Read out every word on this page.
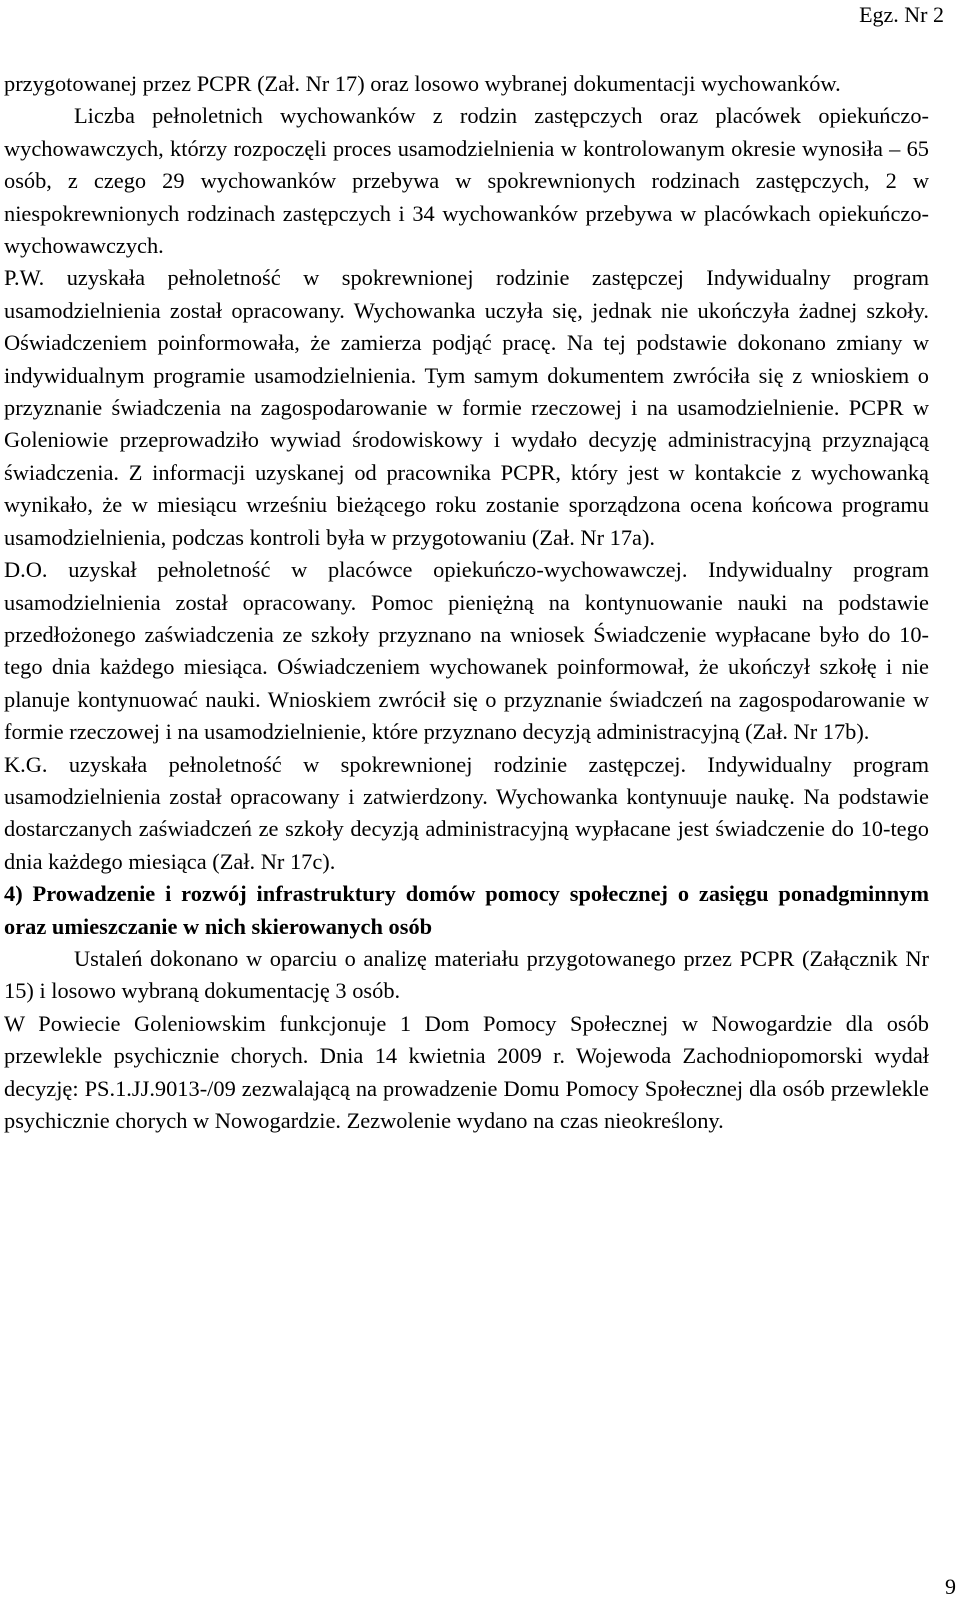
Egz. Nr 2

przygotowanej przez PCPR (Zał. Nr 17) oraz losowo wybranej dokumentacji wychowanków.

Liczba pełnoletnich wychowanków z rodzin zastępczych oraz placówek opiekuńczo-wychowawczych, którzy rozpoczęli proces usamodzielnienia w kontrolowanym okresie wynosiła – 65 osób, z czego 29 wychowanków przebywa w spokrewnionych rodzinach zastępczych, 2 w niespokrewnionych rodzinach zastępczych i 34 wychowanków przebywa w placówkach opiekuńczo-wychowawczych.

P.W. uzyskała pełnoletność w spokrewnionej rodzinie zastępczej Indywidualny program usamodzielnienia został opracowany. Wychowanka uczyła się, jednak nie ukończyła żadnej szkoły. Oświadczeniem poinformowała, że zamierza podjąć pracę. Na tej podstawie dokonano zmiany w indywidualnym programie usamodzielnienia. Tym samym dokumentem zwróciła się z wnioskiem o przyznanie świadczenia na zagospodarowanie w formie rzeczowej i na usamodzielnienie. PCPR w Goleniowie przeprowadziło wywiad środowiskowy i wydało decyzję administracyjną przyznającą świadczenia. Z informacji uzyskanej od pracownika PCPR, który jest w kontakcie z wychowanką wynikało, że w miesiącu wrześniu bieżącego roku zostanie sporządzona ocena końcowa programu usamodzielnienia, podczas kontroli była w przygotowaniu (Zał. Nr 17a).

D.O. uzyskał pełnoletność w placówce opiekuńczo-wychowawczej. Indywidualny program usamodzielnienia został opracowany. Pomoc pieniężną na kontynuowanie nauki na podstawie przedłożonego zaświadczenia ze szkoły przyznano na wniosek Świadczenie wypłacane było do 10-tego dnia każdego miesiąca. Oświadczeniem wychowanek poinformował, że ukończył szkołę i nie planuje kontynuować nauki. Wnioskiem zwrócił się o przyznanie świadczeń na zagospodarowanie w formie rzeczowej i na usamodzielnienie, które przyznano decyzją administracyjną (Zał. Nr 17b).

K.G. uzyskała pełnoletność w spokrewnionej rodzinie zastępczej. Indywidualny program usamodzielnienia został opracowany i zatwierdzony. Wychowanka kontynuuje naukę. Na podstawie dostarczanych zaświadczeń ze szkoły decyzją administracyjną wypłacane jest świadczenie do 10-tego dnia każdego miesiąca (Zał. Nr 17c).

4) Prowadzenie i rozwój infrastruktury domów pomocy społecznej o zasięgu ponadgminnym oraz umieszczanie w nich skierowanych osób

Ustaleń dokonano w oparciu o analizę materiału przygotowanego przez PCPR (Załącznik Nr 15) i losowo wybraną dokumentację 3 osób.

W Powiecie Goleniowskim funkcjonuje 1 Dom Pomocy Społecznej w Nowogardzie dla osób przewlekle psychicznie chorych. Dnia 14 kwietnia 2009 r. Wojewoda Zachodniopomorski wydał decyzję: PS.1.JJ.9013-/09 zezwalającą na prowadzenie Domu Pomocy Społecznej dla osób przewlekle psychicznie chorych w Nowogardzie. Zezwolenie wydano na czas nieokreślony.

9
